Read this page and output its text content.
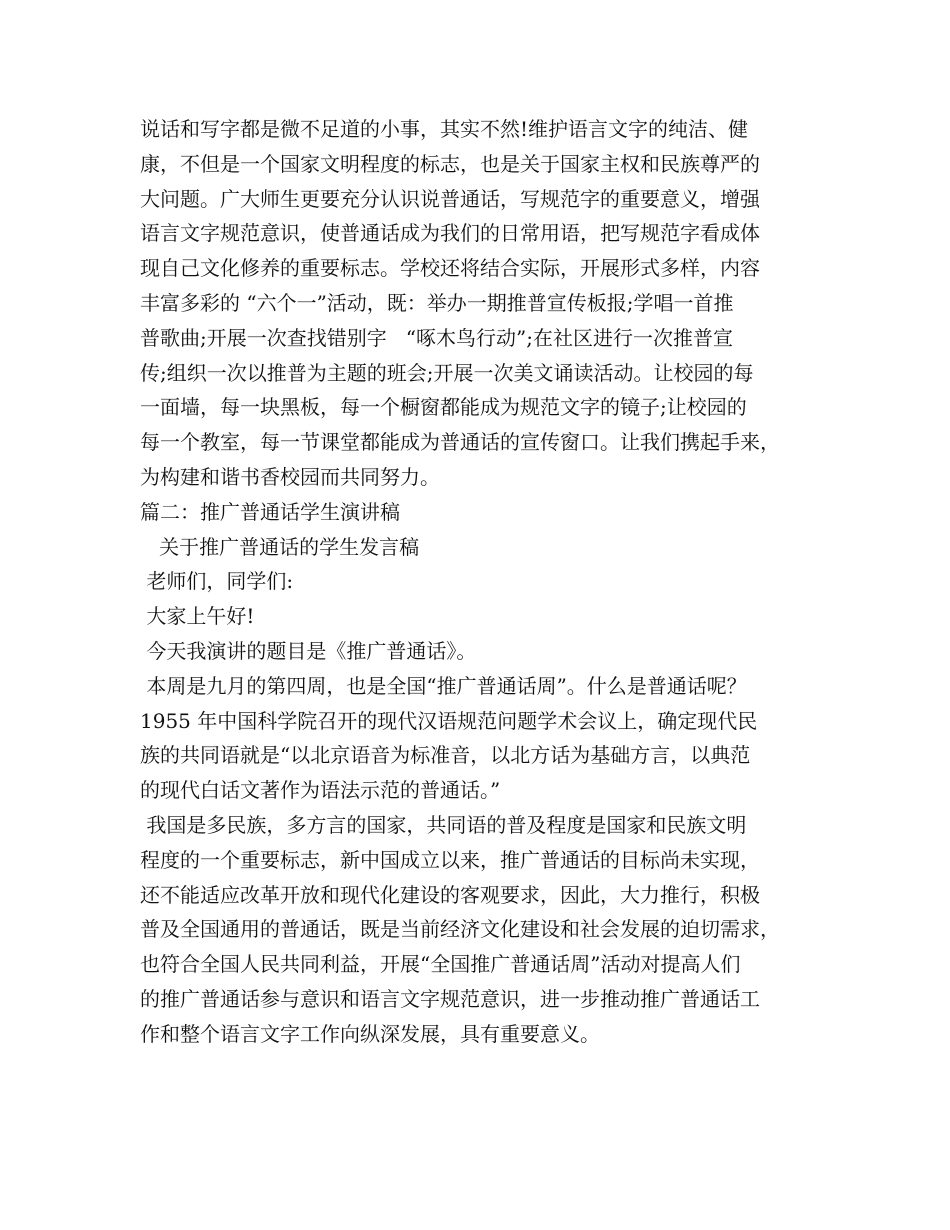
说话和写字都是微不足道的小事，其实不然!维护语言文字的纯洁、健
康，不但是一个国家文明程度的标志，也是关于国家主权和民族尊严的
大问题。广大师生更要充分认识说普通话，写规范字的重要意义，增强
语言文字规范意识，使普通话成为我们的日常用语，把写规范字看成体
现自己文化修养的重要标志。学校还将结合实际，开展形式多样，内容
丰富多彩的 “六个一”活动，既：举办一期推普宣传板报;学唱一首推
普歌曲;开展一次查找错别字   “啄木鸟行动”;在社区进行一次推普宣
传;组织一次以推普为主题的班会;开展一次美文诵读活动。让校园的每
一面墙，每一块黑板，每一个橱窗都能成为规范文字的镜子;让校园的
每一个教室，每一节课堂都能成为普通话的宣传窗口。让我们携起手来，
为构建和谐书香校园而共同努力。
篇二：推广普通话学生演讲稿
关于推广普通话的学生发言稿
老师们，同学们:
大家上午好!
今天我演讲的题目是《推广普通话》。
本周是九月的第四周，也是全国“推广普通话周”。什么是普通话呢？
1955 年中国科学院召开的现代汉语规范问题学术会议上，确定现代民
族的共同语就是“以北京语音为标准音，以北方话为基础方言，以典范
的现代白话文著作为语法示范的普通话。”
我国是多民族，多方言的国家，共同语的普及程度是国家和民族文明
程度的一个重要标志，新中国成立以来，推广普通话的目标尚未实现，
还不能适应改革开放和现代化建设的客观要求，因此，大力推行，积极
普及全国通用的普通话，既是当前经济文化建设和社会发展的迫切需求，
也符合全国人民共同利益，开展“全国推广普通话周”活动对提高人们
的推广普通话参与意识和语言文字规范意识，进一步推动推广普通话工
作和整个语言文字工作向纵深发展，具有重要意义。
